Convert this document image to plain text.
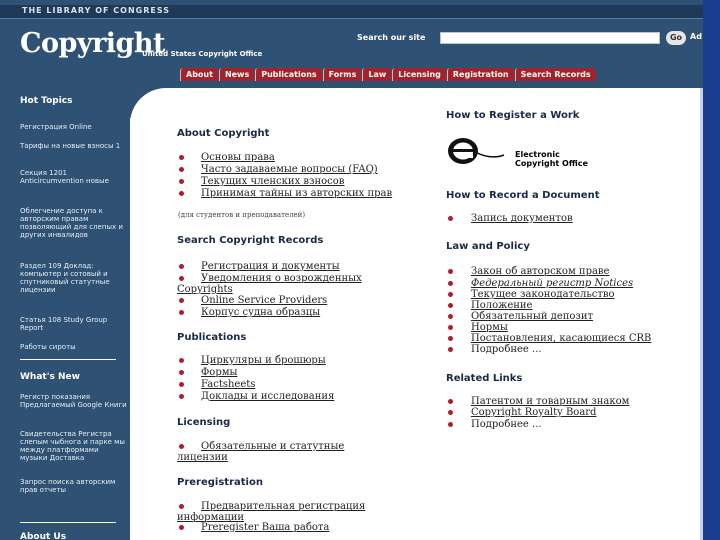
THE LIBRARY OF CONGRESS
Copyright
United States Copyright Office
Search our site	Go Ad
About	News	Publications	Forms	Law	Licensing	Registration	Search Records
Hot Topics
Регистрация Online
Тарифы на новые взносы 1
Секция 1201 Anticircumvention новые
Облегчение доступа к авторским правам позволяющий для слепых и других инвалидов
Раздел 109 Доклад: компьютер и сотовый и спутниковый статутные лицензии
Статья 108 Study Group Report
Работы сироты
What's New
Регистр показания Предлагаемый Google Книги
Свидетельства Регистра слепым чыбнога и парке мы между платформами музыки Доставка
Запрос поиска авторским прав отчеты
About Us
About Copyright
Основы права
Часто задаваемые вопросы (FAQ)
Текущих членских взносов
Принимая тайны из авторских прав
(для студентов и преподавателей)
Search Copyright Records
Регистрация и документы
Уведомления о возрожденных Copyrights
Online Service Providers
Корпус судна образцы
Publications
Циркуляры и брошюры
Формы
Factsheets
Доклады и исследования
Licensing
Обязательные и статутные лицензии
Preregistration
Предварительная регистрация информации
Preregister Ваша работа
How to Register a Work
Electronic
Copyright Office
How to Record a Document
Запись документов
Law and Policy
Закон об авторском праве
Федеральный регистр Notices
Текущее законодательство
Положение
Обязательный депозит
Нормы
Постановления, касающиеся CRB
Подробнее ...
Related Links
Патентом и товарным знаком
Copyright Royalty Board
Подробнее ...
